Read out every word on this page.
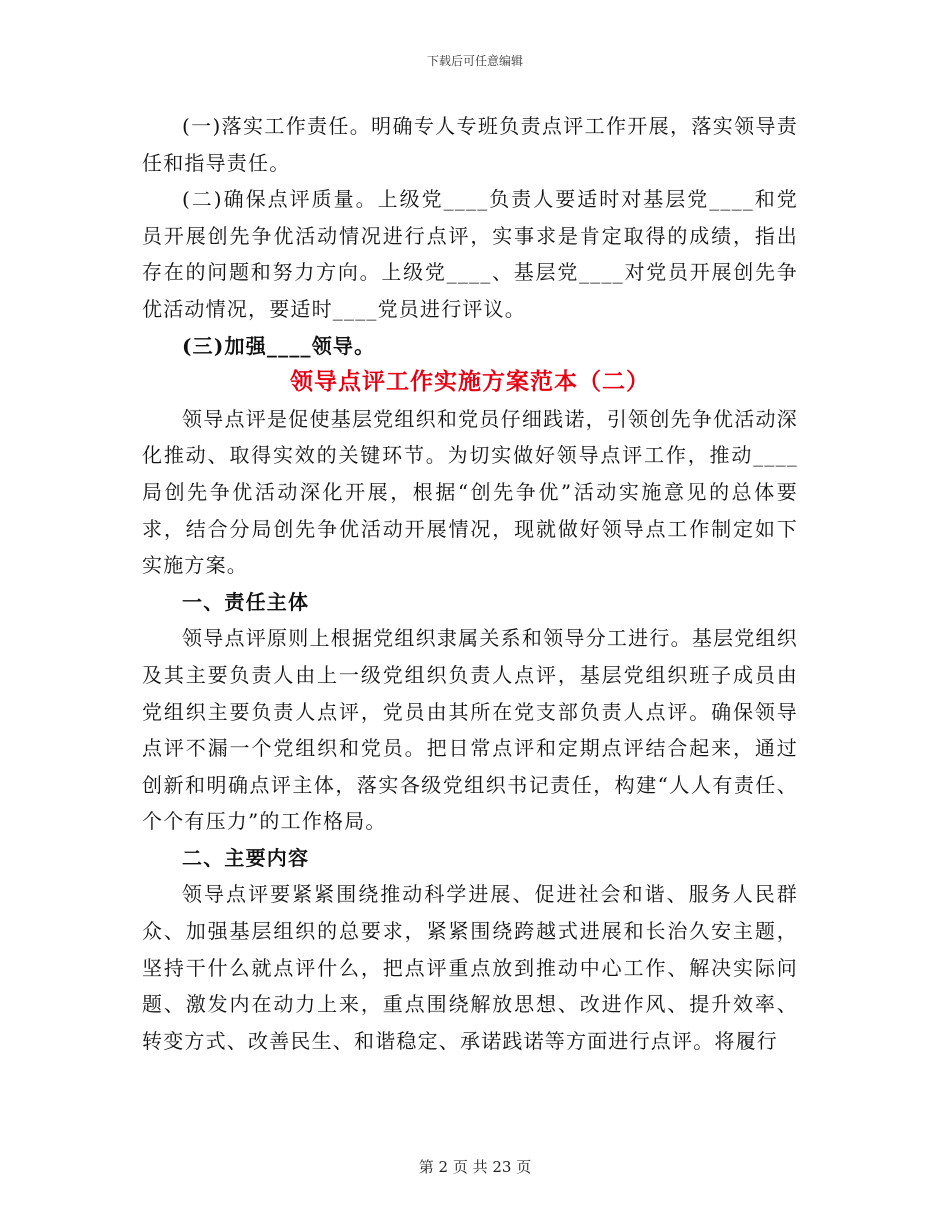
下载后可任意编辑

(一)落实工作责任。明确专人专班负责点评工作开展，落实领导责任和指导责任。

(二)确保点评质量。上级党____负责人要适时对基层党____和党员开展创先争优活动情况进行点评，实事求是肯定取得的成绩，指出存在的问题和努力方向。上级党____、基层党____对党员开展创先争优活动情况，要适时____党员进行评议。

(三)加强____领导。

领导点评工作实施方案范本（二）

领导点评是促使基层党组织和党员仔细践诺，引领创先争优活动深化推动、取得实效的关键环节。为切实做好领导点评工作，推动____局创先争优活动深化开展，根据“创先争优”活动实施意见的总体要求，结合分局创先争优活动开展情况，现就做好领导点工作制定如下实施方案。

一、责任主体

领导点评原则上根据党组织隶属关系和领导分工进行。基层党组织及其主要负责人由上一级党组织负责人点评，基层党组织班子成员由党组织主要负责人点评，党员由其所在党支部负责人点评。确保领导点评不漏一个党组织和党员。把日常点评和定期点评结合起来，通过创新和明确点评主体，落实各级党组织书记责任，构建“人人有责任、个个有压力”的工作格局。

二、主要内容

领导点评要紧紧围绕推动科学进展、促进社会和谐、服务人民群众、加强基层组织的总要求，紧紧围绕跨越式进展和长治久安主题，坚持干什么就点评什么，把点评重点放到推动中心工作、解决实际问题、激发内在动力上来，重点围绕解放思想、改进作风、提升效率、转变方式、改善民生、和谐稳定、承诺践诺等方面进行点评。将履行

第 2 页 共 23 页
